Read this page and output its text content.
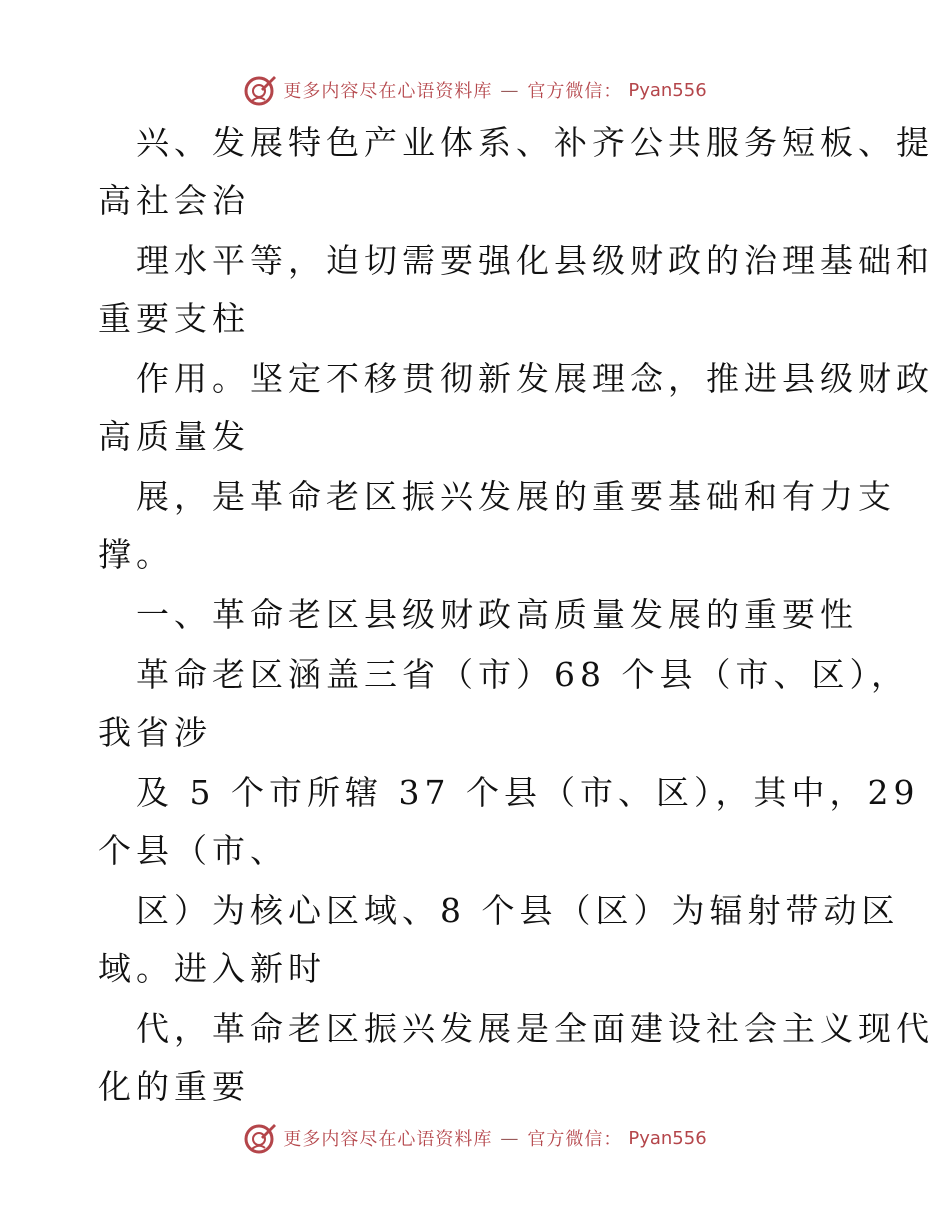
更多内容尽在心语资料库 — 官方微信： Pyan556
兴、发展特色产业体系、补齐公共服务短板、提
高社会治
理水平等，迫切需要强化县级财政的治理基础和
重要支柱
作用。坚定不移贯彻新发展理念，推进县级财政
高质量发
展，是革命老区振兴发展的重要基础和有力支
撑。
一、革命老区县级财政高质量发展的重要性
革命老区涵盖三省（市）68 个县（市、区），
我省涉
及 5 个市所辖 37 个县（市、区），其中，29
个县（市、
区）为核心区域、8 个县（区）为辐射带动区
域。进入新时
代，革命老区振兴发展是全面建设社会主义现代
化的重要
更多内容尽在心语资料库 — 官方微信： Pyan556
